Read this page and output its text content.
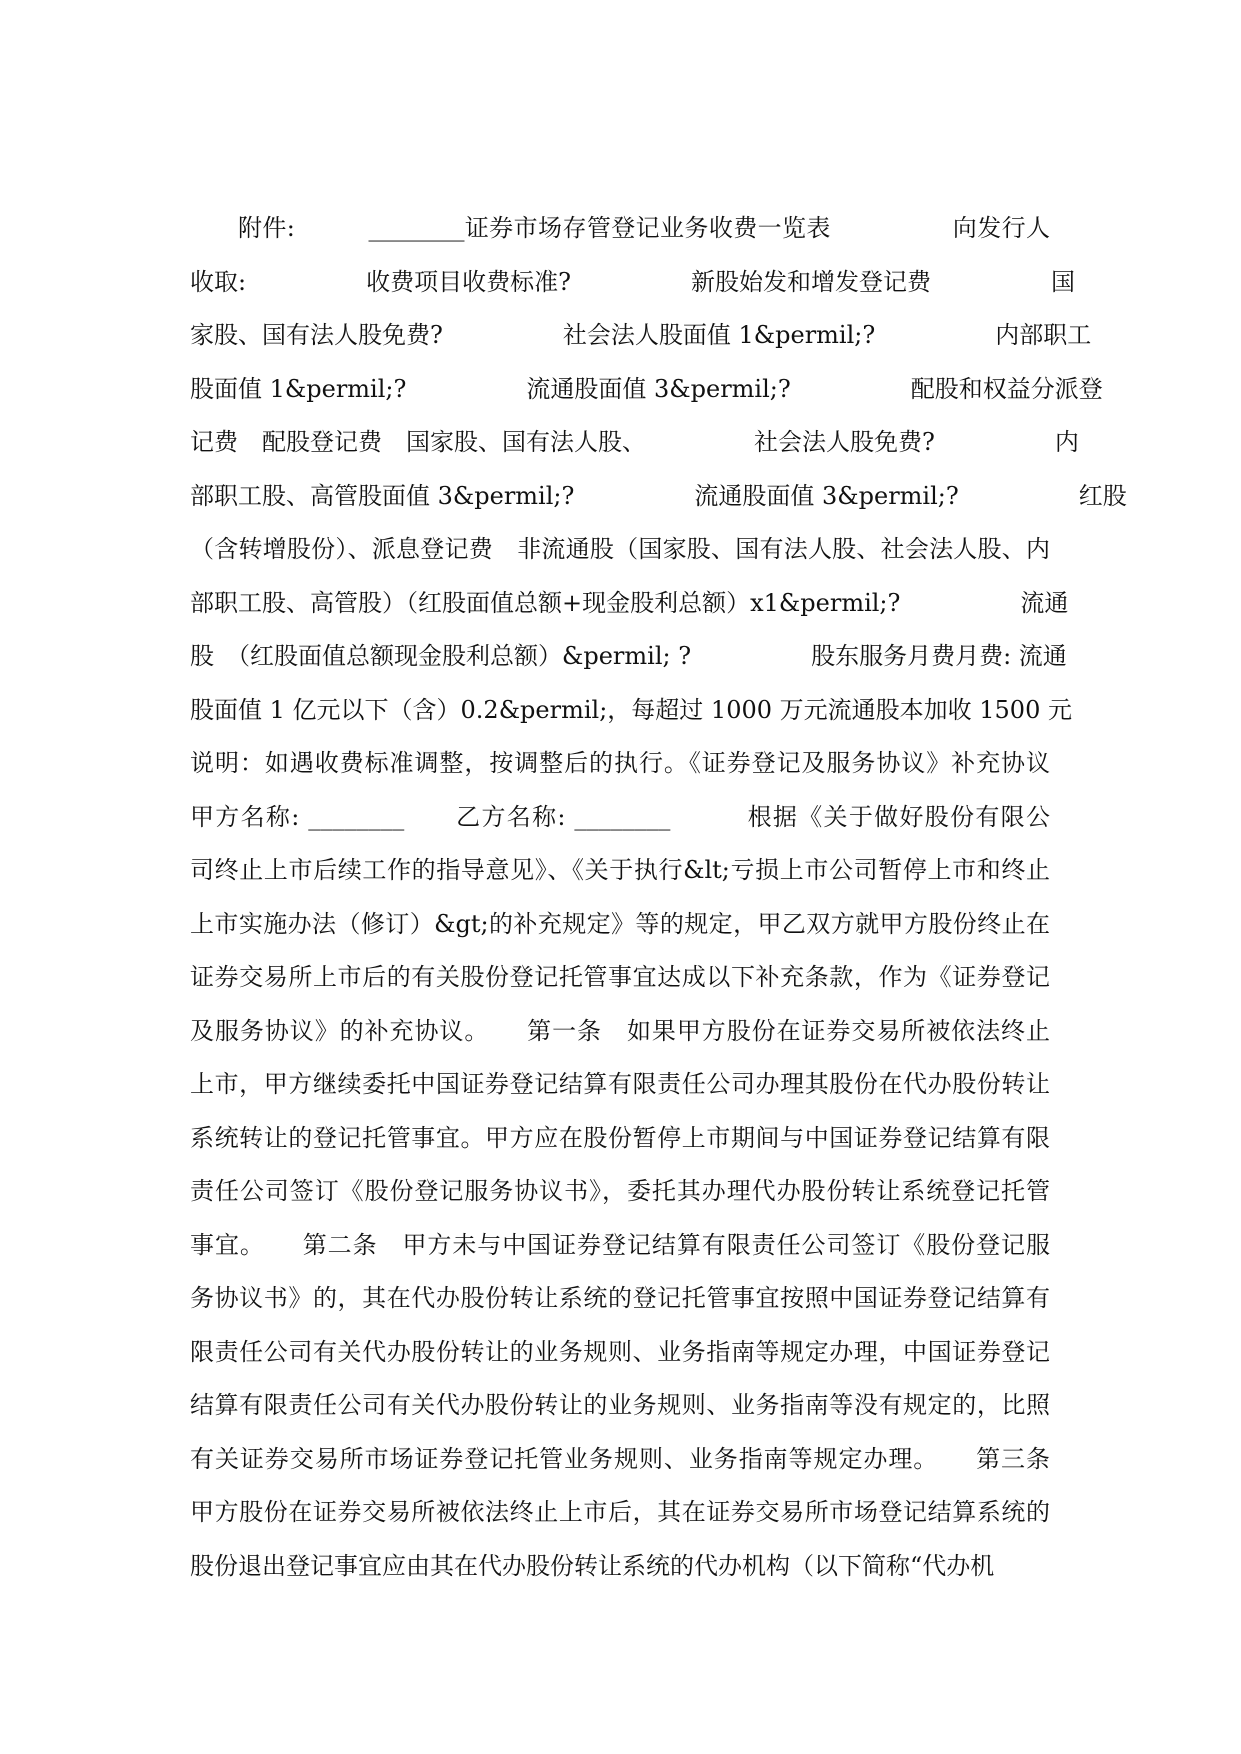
附件:　　　________证券市场存管登记业务收费一览表　　　　　向发行人
收取:　　　　　收费项目收费标准?　　　　　新股始发和增发登记费　　　　　国
家股、国有法人股免费?　　　　　社会法人股面值 1&permil;?　　　　　内部职工
股面值 1&permil;?　　　　　流通股面值 3&permil;?　　　　　配股和权益分派登
记费　配股登记费　国家股、国有法人股、　　　　　社会法人股免费?　　　　　内
部职工股、高管股面值 3&permil;?　　　　　流通股面值 3&permil;?　　　　　红股
（含转增股份）、派息登记费　非流通股（国家股、国有法人股、社会法人股、内
部职工股、高管股）（红股面值总额+现金股利总额）x1&permil;?　　　　　流通
股　（红股面值总额现金股利总额）&permil; ?　　　　　股东服务月费月费: 流通
股面值 1 亿元以下（含）0.2&permil;，每超过 1000 万元流通股本加收 1500 元
说明：如遇收费标准调整，按调整后的执行。《证券登记及服务协议》补充协议
甲方名称: ________　　乙方名称: ________　　　根据《关于做好股份有限公
司终止上市后续工作的指导意见》、《关于执行&lt;亏损上市公司暂停上市和终止
上市实施办法（修订）&gt;的补充规定》等的规定，甲乙双方就甲方股份终止在
证券交易所上市后的有关股份登记托管事宜达成以下补充条款，作为《证券登记
及服务协议》的补充协议。　　第一条　如果甲方股份在证券交易所被依法终止
上市，甲方继续委托中国证券登记结算有限责任公司办理其股份在代办股份转让
系统转让的登记托管事宜。甲方应在股份暂停上市期间与中国证券登记结算有限
责任公司签订《股份登记服务协议书》，委托其办理代办股份转让系统登记托管
事宜。　　第二条　甲方未与中国证券登记结算有限责任公司签订《股份登记服
务协议书》的，其在代办股份转让系统的登记托管事宜按照中国证券登记结算有
限责任公司有关代办股份转让的业务规则、业务指南等规定办理，中国证券登记
结算有限责任公司有关代办股份转让的业务规则、业务指南等没有规定的，比照
有关证券交易所市场证券登记托管业务规则、业务指南等规定办理。　　第三条
甲方股份在证券交易所被依法终止上市后，其在证券交易所市场登记结算系统的
股份退出登记事宜应由其在代办股份转让系统的代办机构（以下简称“代办机
